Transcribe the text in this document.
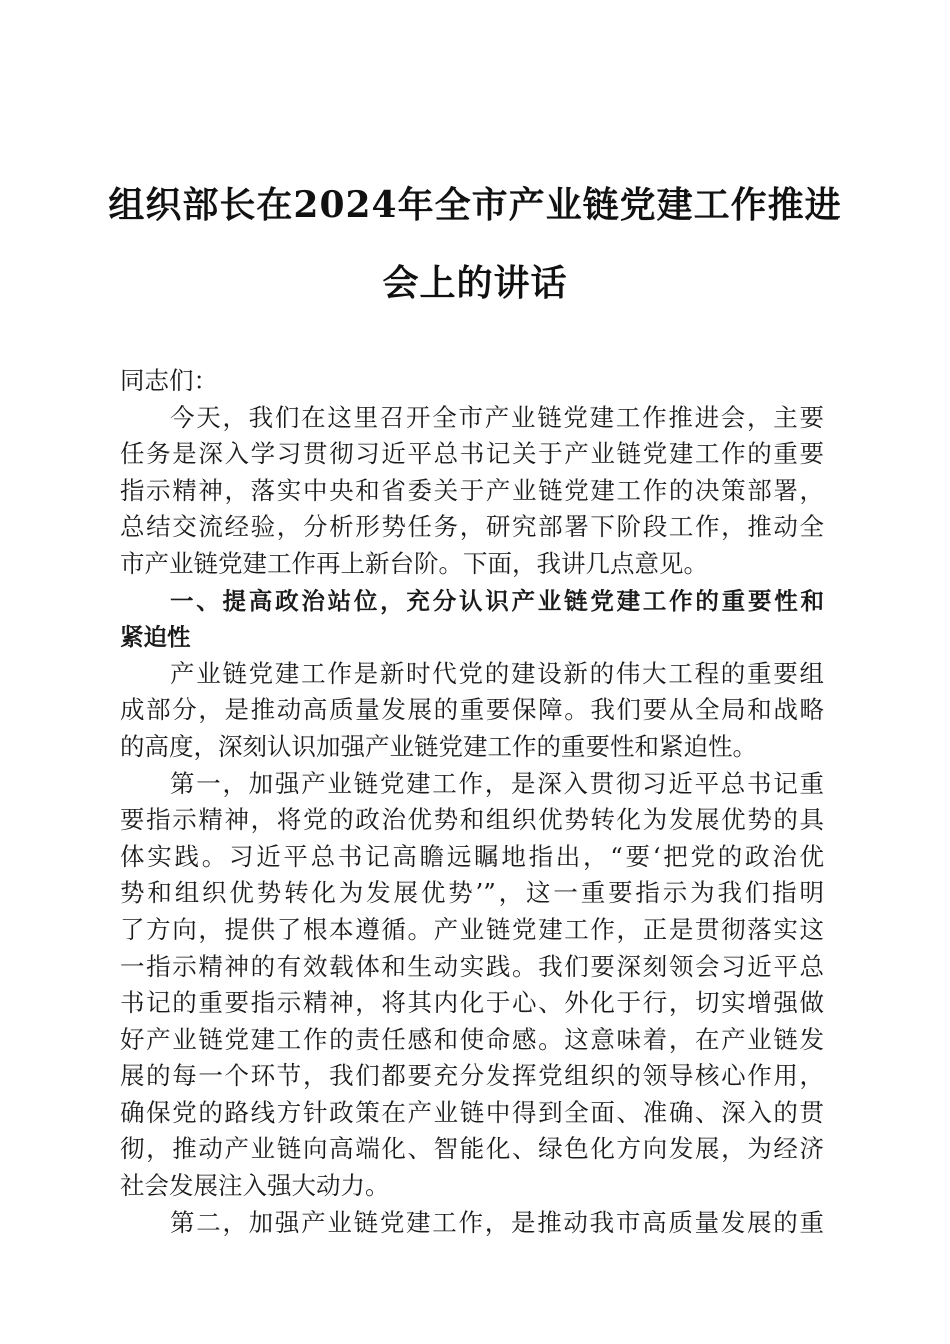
组织部长在2024年全市产业链党建工作推进
会上的讲话
同志们：
今天，我们在这里召开全市产业链党建工作推进会，主要
任务是深入学习贯彻习近平总书记关于产业链党建工作的重要
指示精神，落实中央和省委关于产业链党建工作的决策部署，
总结交流经验，分析形势任务，研究部署下阶段工作，推动全
市产业链党建工作再上新台阶。下面，我讲几点意见。
一、提高政治站位，充分认识产业链党建工作的重要性和
紧迫性
产业链党建工作是新时代党的建设新的伟大工程的重要组
成部分，是推动高质量发展的重要保障。我们要从全局和战略
的高度，深刻认识加强产业链党建工作的重要性和紧迫性。
第一，加强产业链党建工作，是深入贯彻习近平总书记重
要指示精神，将党的政治优势和组织优势转化为发展优势的具
体实践。习近平总书记高瞻远瞩地指出，“要‘把党的政治优
势和组织优势转化为发展优势’”，这一重要指示为我们指明
了方向，提供了根本遵循。产业链党建工作，正是贯彻落实这
一指示精神的有效载体和生动实践。我们要深刻领会习近平总
书记的重要指示精神，将其内化于心、外化于行，切实增强做
好产业链党建工作的责任感和使命感。这意味着，在产业链发
展的每一个环节，我们都要充分发挥党组织的领导核心作用，
确保党的路线方针政策在产业链中得到全面、准确、深入的贯
彻，推动产业链向高端化、智能化、绿色化方向发展，为经济
社会发展注入强大动力。
第二，加强产业链党建工作，是推动我市高质量发展的重
